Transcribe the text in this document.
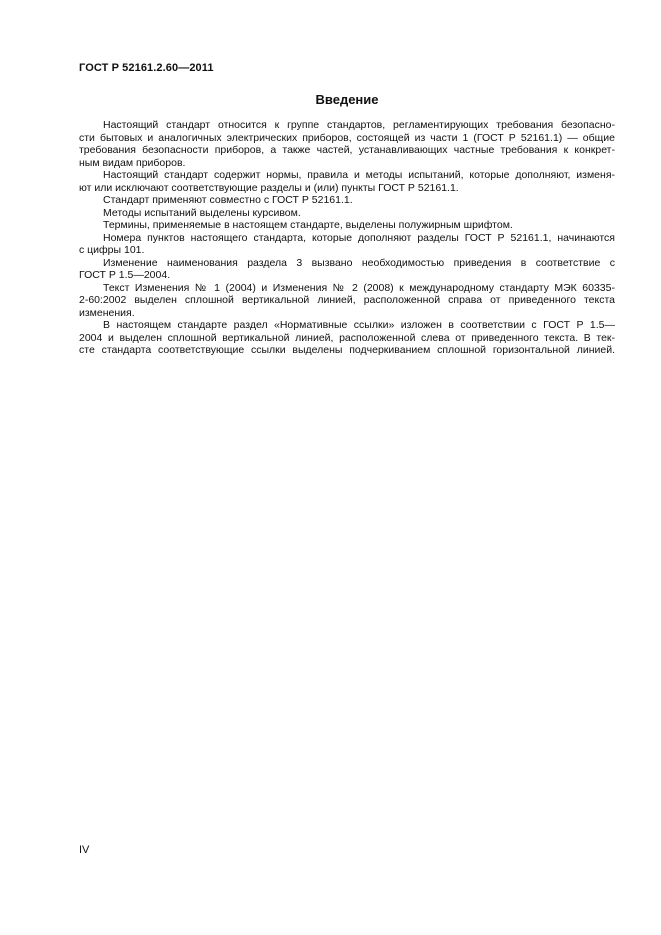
ГОСТ Р 52161.2.60—2011
Введение
Настоящий стандарт относится к группе стандартов, регламентирующих требования безопасно-
сти бытовых и аналогичных электрических приборов, состоящей из части 1 (ГОСТ Р 52161.1) — общие
требования безопасности приборов, а также частей, устанавливающих частные требования к конкрет-
ным видам приборов.
Настоящий стандарт содержит нормы, правила и методы испытаний, которые дополняют, изменя-
ют или исключают соответствующие разделы и (или) пункты ГОСТ Р 52161.1.
Стандарт применяют совместно с ГОСТ Р 52161.1.
Методы испытаний выделены курсивом.
Термины, применяемые в настоящем стандарте, выделены полужирным шрифтом.
Номера пунктов настоящего стандарта, которые дополняют разделы ГОСТ Р 52161.1, начинаются
с цифры 101.
Изменение наименования раздела 3 вызвано необходимостью приведения в соответствие с
ГОСТ Р 1.5—2004.
Текст Изменения № 1 (2004) и Изменения № 2 (2008) к международному стандарту МЭК 60335-
2-60:2002 выделен сплошной вертикальной линией, расположенной справа от приведенного текста
изменения.
В настоящем стандарте раздел «Нормативные ссылки» изложен в соответствии с ГОСТ Р 1.5—
2004 и выделен сплошной вертикальной линией, расположенной слева от приведенного текста. В тек-
сте стандарта соответствующие ссылки выделены подчеркиванием сплошной горизонтальной линией.
IV
